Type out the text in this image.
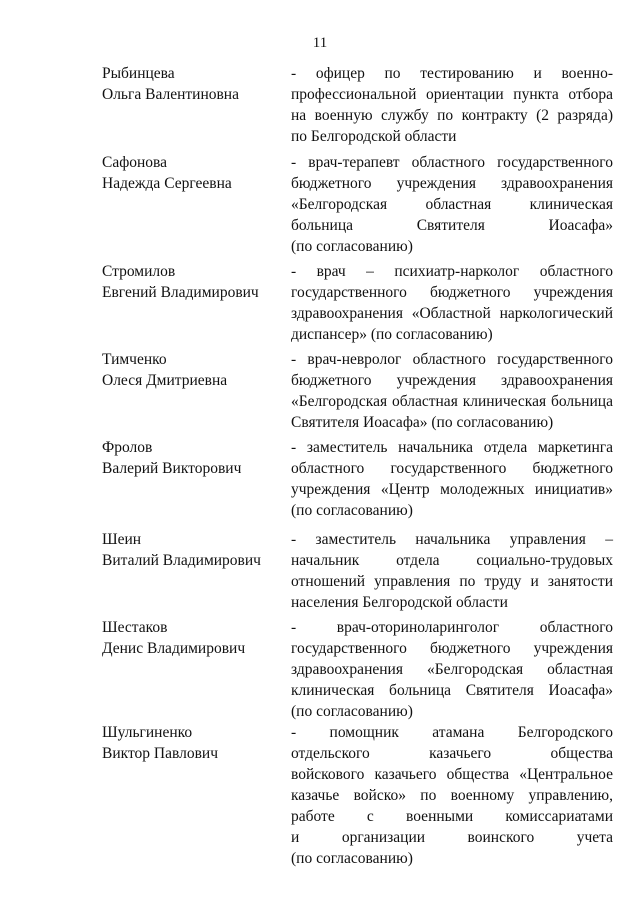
11
Рыбинцева
Ольга Валентиновна
- офицер по тестированию и военно-
профессиональной ориентации пункта отбора
на военную службу по контракту (2 разряда)
по Белгородской области
Сафонова
Надежда Сергеевна
- врач-терапевт областного государственного
бюджетного учреждения здравоохранения
«Белгородская областная клиническая
больница Святителя Иоасафа»
(по согласованию)
Стромилов
Евгений Владимирович
- врач – психиатр-нарколог областного
государственного бюджетного учреждения
здравоохранения «Областной наркологический
диспансер» (по согласованию)
Тимченко
Олеся Дмитриевна
- врач-невролог областного государственного
бюджетного учреждения здравоохранения
«Белгородская областная клиническая больница
Святителя Иоасафа» (по согласованию)
Фролов
Валерий Викторович
- заместитель начальника отдела маркетинга
областного государственного бюджетного
учреждения «Центр молодежных инициатив»
(по согласованию)
Шеин
Виталий Владимирович
- заместитель начальника управления –
начальник отдела социально-трудовых
отношений управления по труду и занятости
населения Белгородской области
Шестаков
Денис Владимирович
- врач-оториноларинголог областного
государственного бюджетного учреждения
здравоохранения «Белгородская областная
клиническая больница Святителя Иоасафа»
(по согласованию)
Шульгиненко
Виктор Павлович
- помощник атамана Белгородского
отдельского казачьего общества
войскового казачьего общества «Центральное
казачье войско» по военному управлению,
работе с военными комиссариатами
и организации воинского учета
(по согласованию)
